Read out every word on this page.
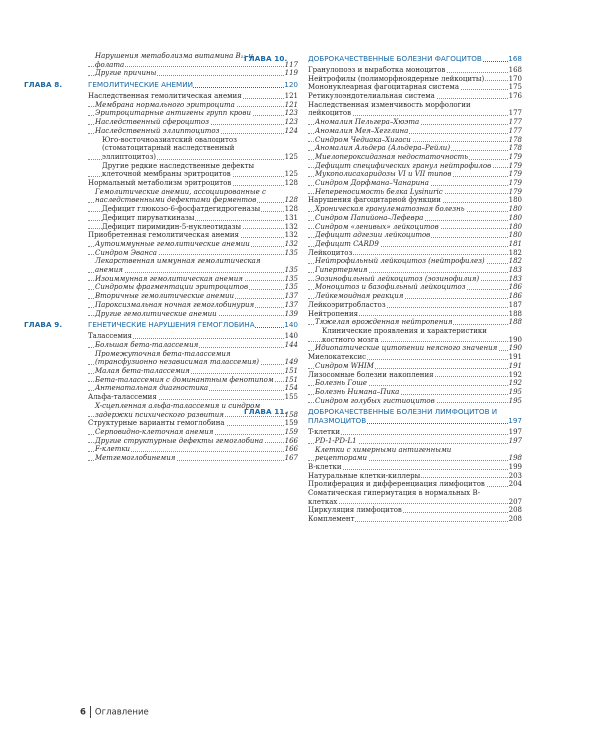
Нарушения метаболизма витамина B₁₂ и фолата	117
Другие причины	119
ГЛАВА 8.	ГЕМОЛИТИЧЕСКИЕ АНЕМИИ	120
Наследственная гемолитическая анемия	121
Мембрана нормального эритроцита	121
Эритроцитарные антигены групп крови	123
Наследственный сфероцитоз	123
Наследственный эллиптоцитоз	124
Юго-восточноазиатский овалоцитоз (стоматоцитарный наследственный эллиптоцитоз)	125
Другие редкие наследственные дефекты клеточной мембраны эритроцитов	125
Нормальный метаболизм эритроцитов	128
Гемолитические анемии, ассоциированные с наследственными дефектами ферментов	128
Дефицит глюкозо-6-фосфатдегидрогеназы	128
Дефицит пируваткиназы	131
Дефицит пиримидин-5-нуклеотидазы	132
Приобретенная гемолитическая анемия	132
Аутоиммунные гемолитические анемии	132
Синдром Эванса	135
Лекарственная иммунная гемолитическая анемия	135
Изоиммунная гемолитическая анемия	135
Синдромы фрагментации эритроцитов	135
Вторичные гемолитические анемии	137
Пароксизмальная ночная гемоглобинурия	137
Другие гемолитические анемии	139
ГЛАВА 9.	ГЕНЕТИЧЕСКИЕ НАРУШЕНИЯ ГЕМОГЛОБИНА	140
Талассемия	140
Большая бета-талассемия	144
Промежуточная бета-талассемия (трансфузионно независимая талассемия)	149
Малая бета-талассемия	151
Бета-талассемия с доминантным фенотипом 151
Антенатальная диагностика	154
Альфа-талассемия	155
X-сцепленная альфа-талассемия и синдром задержки психического развития	158
Структурные варианты гемоглобина	159
Серповидно-клеточная анемия	159
Другие структурные дефекты гемоглобина	166
F-клетки	166
Метгемоглобинемия	167
ГЛАВА 10.	ДОБРОКАЧЕСТВЕННЫЕ БОЛЕЗНИ ФАГОЦИТОВ	168
Гранулопоэз и выработка моноцитов	168
Нейтрофилы (полиморфноядерные лейкоциты)	170
Мононуклеарная фагоцитарная система	175
Ретикулоэндотелиальная система	176
Наследственная изменчивость морфологии лейкоцитов	177
Аномалия Пельгера–Хюэта	177
Аномалия Мея–Хегглина	177
Синдром Чедиака–Хигаси	178
Аномалия Альдера (Альдера–Рейли)	178
Миелопероксидазная недостаточность	179
Дефицит специфических гранул нейтрофилов 179
Мукополисахаридозы VI и VII типов	179
Синдром Дорфмана–Чанарина	179
Непереносимость белка Lysinuric	179
Нарушения фагоцитарной функции	180
Хроническая гранулематозная болезнь	180
Синдром Папийона–Лефевра	180
Синдром «ленивых» лейкоцитов	180
Дефицит адгезии лейкоцитов	180
Дефицит CARD9	181
Лейкоцитоз	182
Нейтрофильный лейкоцитоз (нейтрофилез)	182
Гипертермия	183
Эозинофильный лейкоцитоз (эозинофилия)	183
Моноцитоз и базофильный лейкоцитоз	186
Лейкемоидная реакция	186
Лейкоэритробластоз	187
Нейтропения	188
Тяжелая врожденная нейтропения	188
Клинические проявления и характеристики костного мозга	190
Идиопатические цитопении неясного значения 190
Миелокатексис	191
Синдром WHIM	191
Лизосомные болезни накопления	192
Болезнь Гоше	192
Болезнь Нимана–Пика	195
Синдром голубых гистиоцитов	195
ГЛАВА 11.	ДОБРОКАЧЕСТВЕННЫЕ БОЛЕЗНИ ЛИМФОЦИТОВ И ПЛАЗМОЦИТОВ	197
T-клетки	197
PD-1-PD-L1	197
Клетки с химерными антигенными рецепторами	198
B-клетки	199
Натуральные клетки-киллеры	203
Пролиферация и дифференциация лимфоцитов	204
Соматическая гипермутация в нормальных B-клетках	207
Циркуляция лимфоцитов	208
Комплемент	208
6 Оглавление
